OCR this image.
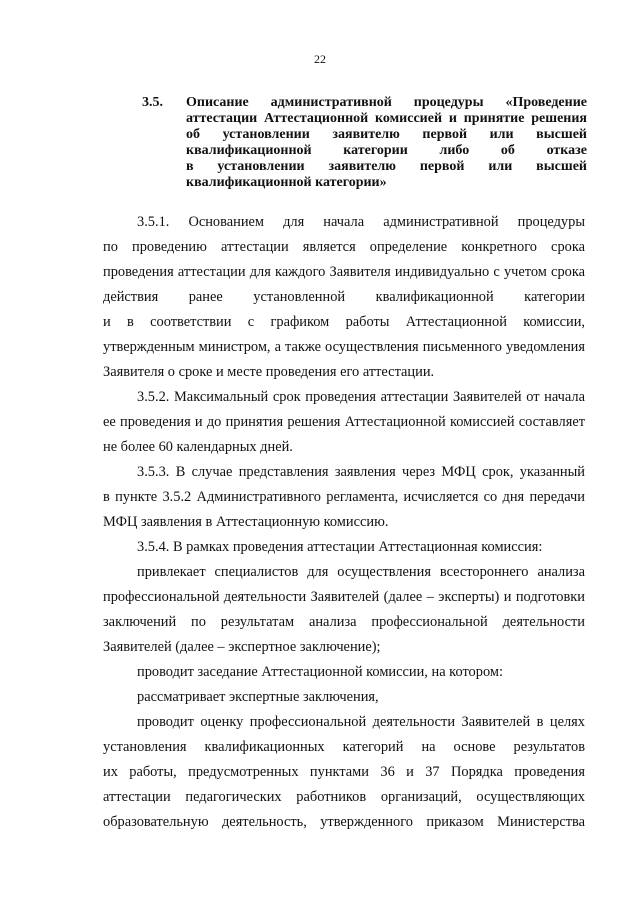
22
3.5. Описание административной процедуры «Проведение
аттестации Аттестационной комиссией и принятие решения
об установлении заявителю первой или высшей
квалификационной категории либо об отказе
в установлении заявителю первой или высшей
квалификационной категории»
3.5.1. Основанием для начала административной процедуры
по проведению аттестации является определение конкретного срока
проведения аттестации для каждого Заявителя индивидуально с учетом срока
действия ранее установленной квалификационной категории
и в соответствии с графиком работы Аттестационной комиссии,
утвержденным министром, а также осуществления письменного уведомления
Заявителя о сроке и месте проведения его аттестации.
3.5.2. Максимальный срок проведения аттестации Заявителей от начала
ее проведения и до принятия решения Аттестационной комиссией составляет
не более 60 календарных дней.
3.5.3. В случае представления заявления через МФЦ срок, указанный
в пункте 3.5.2 Административного регламента, исчисляется со дня передачи
МФЦ заявления в Аттестационную комиссию.
3.5.4. В рамках проведения аттестации Аттестационная комиссия:
привлекает специалистов для осуществления всестороннего анализа
профессиональной деятельности Заявителей (далее – эксперты) и подготовки
заключений по результатам анализа профессиональной деятельности
Заявителей (далее – экспертное заключение);
проводит заседание Аттестационной комиссии, на котором:
рассматривает экспертные заключения,
проводит оценку профессиональной деятельности Заявителей в целях
установления квалификационных категорий на основе результатов
их работы, предусмотренных пунктами 36 и 37 Порядка проведения
аттестации педагогических работников организаций, осуществляющих
образовательную деятельность, утвержденного приказом Министерства
